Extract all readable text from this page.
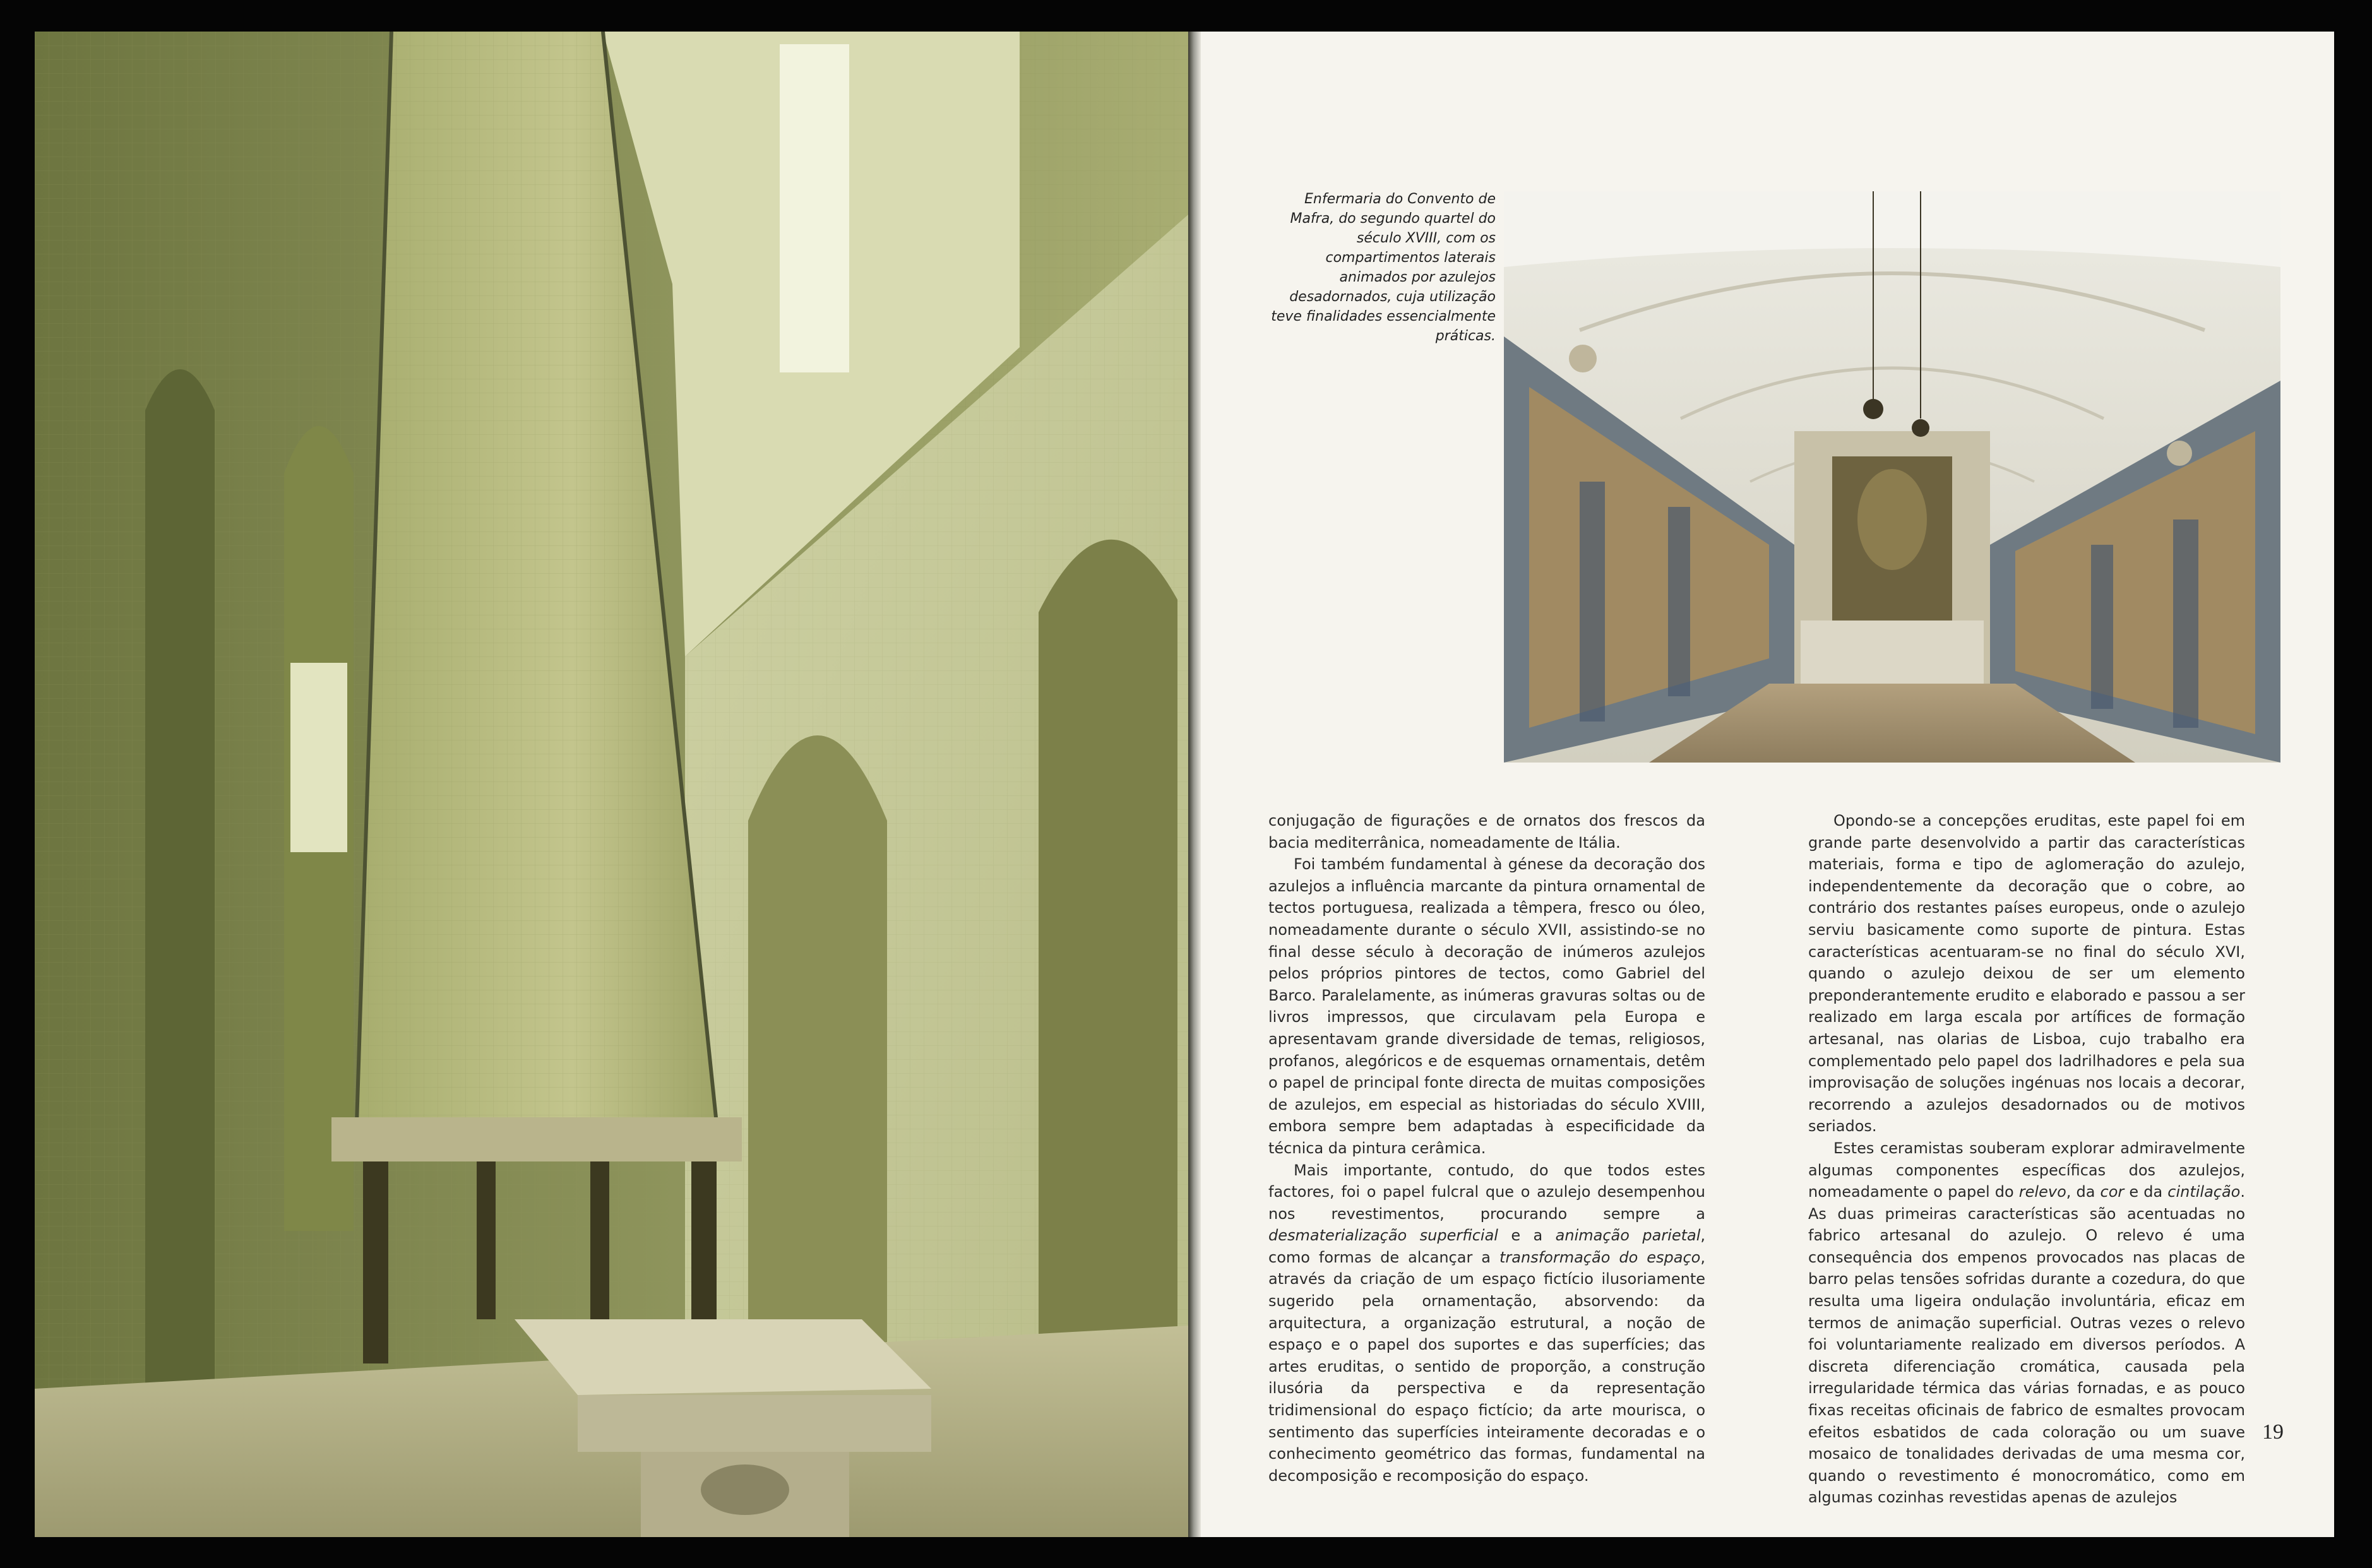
Enfermaria do Convento de Mafra, do segundo quartel do século XVIII, com os compartimentos laterais animados por azulejos desadornados, cuja utilização teve finalidades essencialmente práticas.

conjugação de figurações e de ornatos dos frescos da bacia mediterrânica, nomeadamente de Itália.

Foi também fundamental à génese da decoração dos azulejos a influência marcante da pintura ornamental de tectos portuguesa, realizada a têmpera, fresco ou óleo, nomeadamente durante o século XVII, assistindo-se no final desse século à decoração de inúmeros azulejos pelos próprios pintores de tectos, como Gabriel del Barco. Paralelamente, as inúmeras gravuras soltas ou de livros impressos, que circulavam pela Europa e apresentavam grande diversidade de temas, religiosos, profanos, alegóricos e de esquemas ornamentais, detêm o papel de principal fonte directa de muitas composições de azulejos, em especial as historiadas do século XVIII, embora sempre bem adaptadas à especificidade da técnica da pintura cerâmica.

Mais importante, contudo, do que todos estes factores, foi o papel fulcral que o azulejo desempenhou nos revestimentos, procurando sempre a desmaterialização superficial e a animação parietal, como formas de alcançar a transformação do espaço, através da criação de um espaço fictício ilusoriamente sugerido pela ornamentação, absorvendo: da arquitectura, a organização estrutural, a noção de espaço e o papel dos suportes e das superfícies; das artes eruditas, o sentido de proporção, a construção ilusória da perspectiva e da representação tridimensional do espaço fictício; da arte mourisca, o sentimento das superfícies inteiramente decoradas e o conhecimento geométrico das formas, fundamental na decomposição e recomposição do espaço.

Opondo-se a concepções eruditas, este papel foi em grande parte desenvolvido a partir das características materiais, forma e tipo de aglomeração do azulejo, independentemente da decoração que o cobre, ao contrário dos restantes países europeus, onde o azulejo serviu basicamente como suporte de pintura. Estas características acentuaram-se no final do século XVI, quando o azulejo deixou de ser um elemento preponderantemente erudito e elaborado e passou a ser realizado em larga escala por artífices de formação artesanal, nas olarias de Lisboa, cujo trabalho era complementado pelo papel dos ladrilhadores e pela sua improvisação de soluções ingénuas nos locais a decorar, recorrendo a azulejos desadornados ou de motivos seriados.

Estes ceramistas souberam explorar admiravelmente algumas componentes específicas dos azulejos, nomeadamente o papel do relevo, da cor e da cintilação. As duas primeiras características são acentuadas no fabrico artesanal do azulejo. O relevo é uma consequência dos empenos provocados nas placas de barro pelas tensões sofridas durante a cozedura, do que resulta uma ligeira ondulação involuntária, eficaz em termos de animação superficial. Outras vezes o relevo foi voluntariamente realizado em diversos períodos. A discreta diferenciação cromática, causada pela irregularidade térmica das várias fornadas, e as pouco fixas receitas oficinais de fabrico de esmaltes provocam efeitos esbatidos de cada coloração ou um suave mosaico de tonalidades derivadas de uma mesma cor, quando o revestimento é monocromático, como em algumas cozinhas revestidas apenas de azulejos

19
